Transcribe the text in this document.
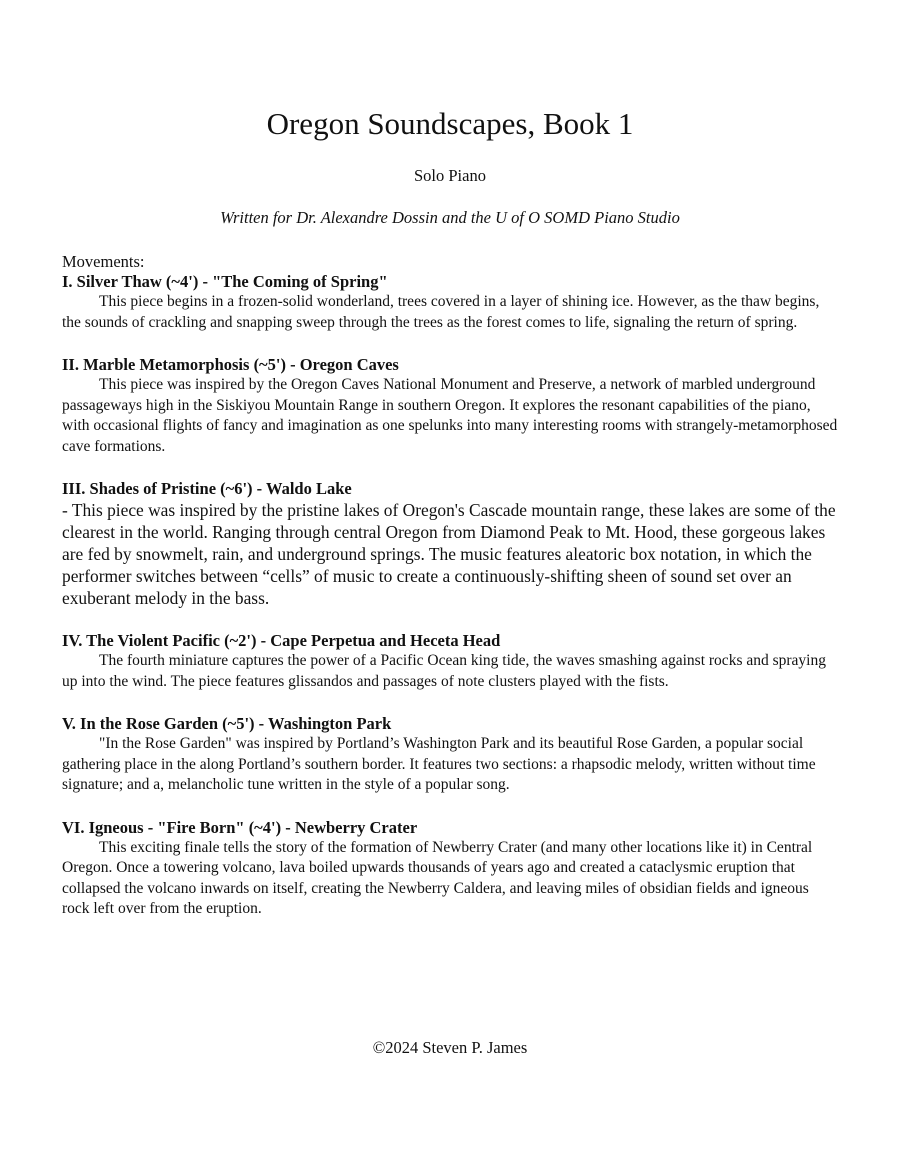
Oregon Soundscapes, Book 1
Solo Piano
Written for Dr. Alexandre Dossin and the U of O SOMD Piano Studio
Movements:
I. Silver Thaw (~4') - "The Coming of Spring"

This piece begins in a frozen-solid wonderland, trees covered in a layer of shining ice. However, as the thaw begins, the sounds of crackling and snapping sweep through the trees as the forest comes to life, signaling the return of spring.

II. Marble Metamorphosis (~5') - Oregon Caves

This piece was inspired by the Oregon Caves National Monument and Preserve, a network of marbled underground passageways high in the Siskiyou Mountain Range in southern Oregon. It explores the resonant capabilities of the piano, with occasional flights of fancy and imagination as one spelunks into many interesting rooms with strangely-metamorphosed cave formations.

III. Shades of Pristine (~6') - Waldo Lake

- This piece was inspired by the pristine lakes of Oregon's Cascade mountain range, these lakes are some of the clearest in the world. Ranging through central Oregon from Diamond Peak to Mt. Hood, these gorgeous lakes are fed by snowmelt, rain, and underground springs. The music features aleatoric box notation, in which the performer switches between “cells” of music to create a continuously-shifting sheen of sound set over an exuberant melody in the bass.

IV. The Violent Pacific (~2') - Cape Perpetua and Heceta Head

The fourth miniature captures the power of a Pacific Ocean king tide, the waves smashing against rocks and spraying up into the wind. The piece features glissandos and passages of note clusters played with the fists.

V. In the Rose Garden (~5') - Washington Park

"In the Rose Garden" was inspired by Portland’s Washington Park and its beautiful Rose Garden, a popular social gathering place in the along Portland’s southern border. It features two sections: a rhapsodic melody, written without time signature; and a, melancholic tune written in the style of a popular song.

VI. Igneous - "Fire Born" (~4') - Newberry Crater

This exciting finale tells the story of the formation of Newberry Crater (and many other locations like it) in Central Oregon. Once a towering volcano, lava boiled upwards thousands of years ago and created a cataclysmic eruption that collapsed the volcano inwards on itself, creating the Newberry Caldera, and leaving miles of obsidian fields and igneous rock left over from the eruption.

©2024 Steven P. James
